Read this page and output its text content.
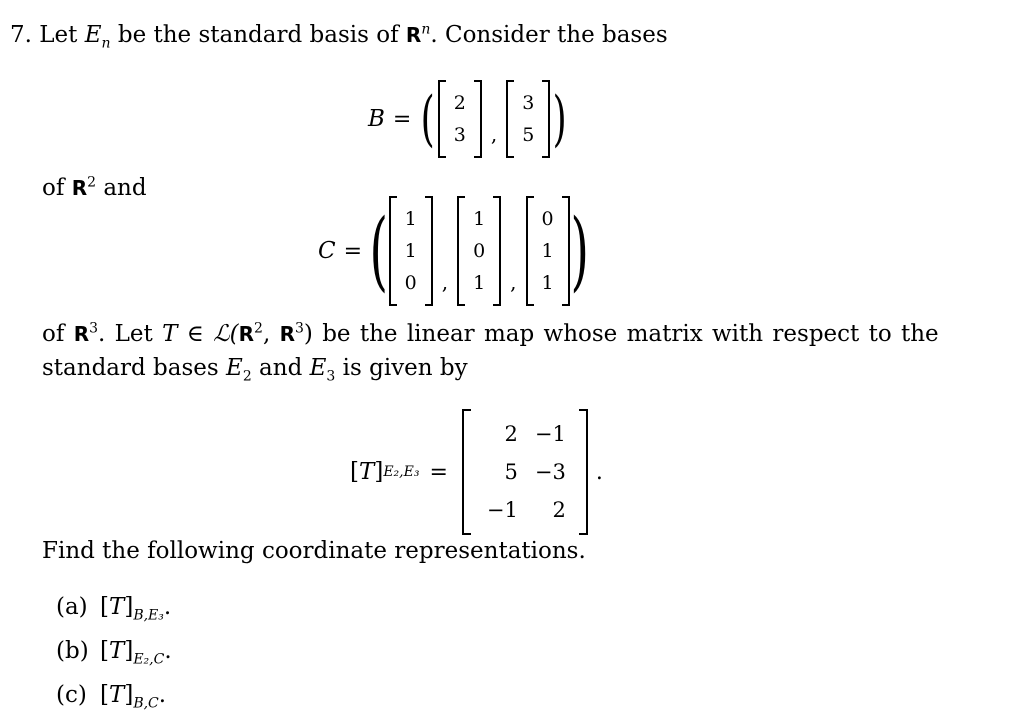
7. Let $E_n$ be the standard basis of $R^n$. Consider the bases
B = ( 2
3 ,
3
5 )
of $R^2$ and
C = ( 1
1
0 ,
1
0
1 ,
0
1
1 )
of $R^3$. Let T ∈ $ℒ(R^2$, $R^3$) be the linear map whose matrix with respect to the
standard bases $E_2$ and $E_3$ is given by
[ T ] E₂,E₃ =
2 −1
5 −3
−1	2
.
Find the following coordinate representations.
(a) $[T]_{B,E_3}$.
(b) $[T]_{E_2,C}$.
(c) $[T]_{B,C}$.
